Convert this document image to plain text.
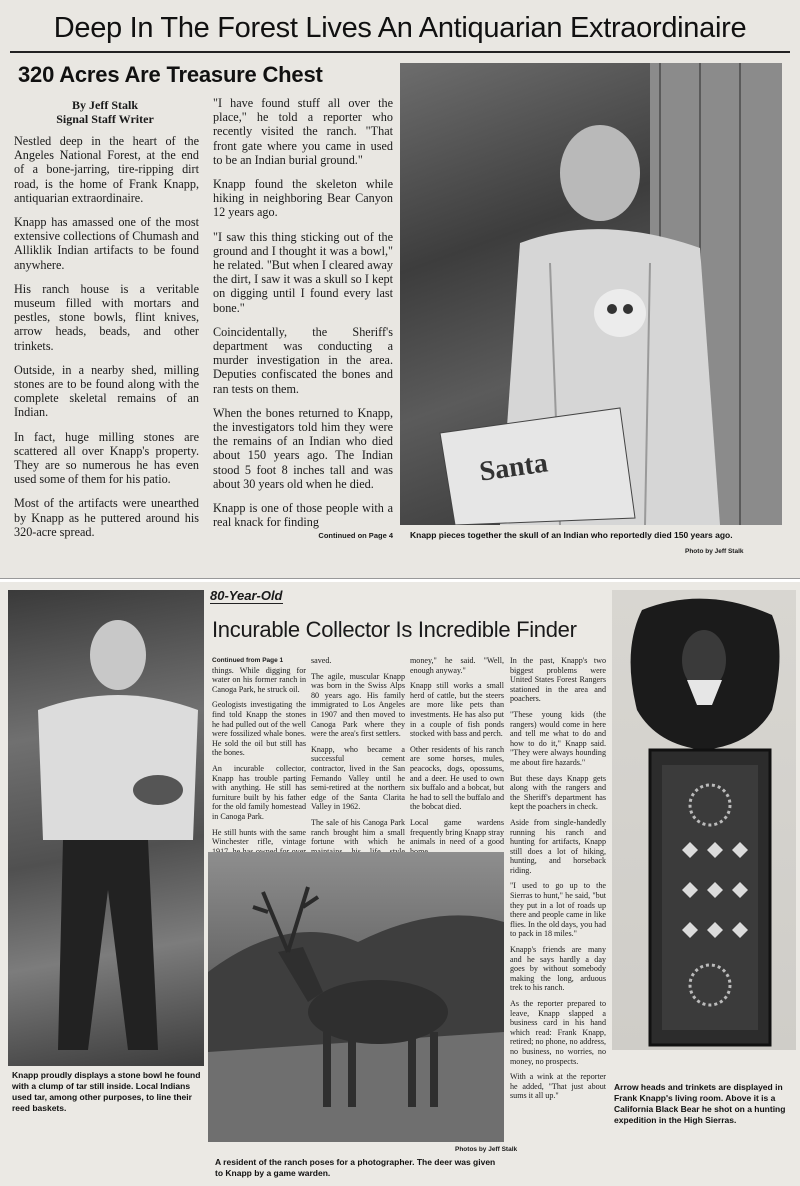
Deep In The Forest Lives An Antiquarian Extraordinaire
320 Acres Are Treasure Chest
By Jeff Stalk
Signal Staff Writer

Nestled deep in the heart of the Angeles National Forest, at the end of a bone-jarring, tire-ripping dirt road, is the home of Frank Knapp, antiquarian extraordinaire.

Knapp has amassed one of the most extensive collections of Chumash and Alliklik Indian artifacts to be found anywhere.

His ranch house is a veritable museum filled with mortars and pestles, stone bowls, flint knives, arrow heads, beads, and other trinkets.

Outside, in a nearby shed, milling stones are to be found along with the complete skeletal remains of an Indian.

In fact, huge milling stones are scattered all over Knapp's property. They are so numerous he has even used some of them for his patio.

Most of the artifacts were unearthed by Knapp as he puttered around his 320-acre spread.

"I have found stuff all over the place," he told a reporter who recently visited the ranch. "That front gate where you came in used to be an Indian burial ground."

Knapp found the skeleton while hiking in neighboring Bear Canyon 12 years ago.

"I saw this thing sticking out of the ground and I thought it was a bowl," he related. "But when I cleared away the dirt, I saw it was a skull so I kept on digging until I found every last bone."

Coincidentally, the Sheriff's department was conducting a murder investigation in the area. Deputies confiscated the bones and ran tests on them.

When the bones returned to Knapp, the investigators told him they were the remains of an Indian who died about 150 years ago. The Indian stood 5 foot 8 inches tall and was about 30 years old when he died.

Knapp is one of those people with a real knack for finding

Continued on Page 4
Santa
Knapp pieces together the skull of an Indian who reportedly died 150 years ago.
Photo by Jeff Stalk
Knapp proudly displays a stone bowl he found with a clump of tar still inside. Local Indians used tar, among other purposes, to line their reed baskets.
80-Year-Old
Incurable Collector Is Incredible Finder
Continued from Page 1

things. While digging for water on his former ranch in Canoga Park, he struck oil.

Geologists investigating the find told Knapp the stones he had pulled out of the well were fossilized whale bones. He sold the oil but still has the bones.

An incurable collector, Knapp has trouble parting with anything. He still has furniture built by his father for the old family homestead in Canoga Park.

He still hunts with the same Winchester rifle, vintage

saved.

The agile, muscular Knapp was born in the Swiss Alps 80 years ago. His family immigrated to Los Angeles in 1907 and then moved to Canoga Park where they were the area's first settlers.

Knapp, who became a successful cement contractor, lived in the San Fernando Valley until he semi-retired at the northern edge of the Santa Clarita Valley in 1962.

The sale of his Canoga Park ranch brought him a small fortune with which he

money," he said. "Well, enough anyway."

Knapp still works a small herd of cattle, but the steers are more like pets than investments. He has also put in a couple of fish ponds stocked with bass and perch.

Other residents of his ranch are some horses, mules, peacocks, dogs, opossums, and a deer. He used to own six buffalo and a bobcat, but he had to sell the buffalo and the bobcat died.

Local game wardens frequently bring Knapp stray animals in need of a good

In the past, Knapp's two biggest problems were United States Forest Rangers stationed in the area and poachers.

"These young kids (the rangers) would come in here and tell me what to do and how to do it," Knapp said. "They were always hounding me about fire hazards."

But these days Knapp gets along with the rangers and the Sheriff's department has kept the poachers in check.

Aside from single-handedly running his ranch and hunting for artifacts, Knapp still does a lot of hiking, hunting, and horseback riding.

"I used to go up to the Sierras to hunt," he said, "but they put in a lot of roads up there and people came in like flies. In the old days, you had to pack in 18 miles."

Knapp's friends are many and he says hardly a day goes by without somebody making the long, arduous trek to his ranch.

As the reporter prepared to leave, Knapp slapped a business card in his hand which read: Frank Knapp, retired; no phone, no address, no business, no worries, no money, no prospects.

With a wink at the reporter he added, "That just about sums it all up."

Photos by Jeff Stalk
A resident of the ranch poses for a photographer. The deer was given to Knapp by a game warden.
Arrow heads and trinkets are displayed in Frank Knapp's living room. Above it is a California Black Bear he shot on a hunting expedition in the High Sierras.
